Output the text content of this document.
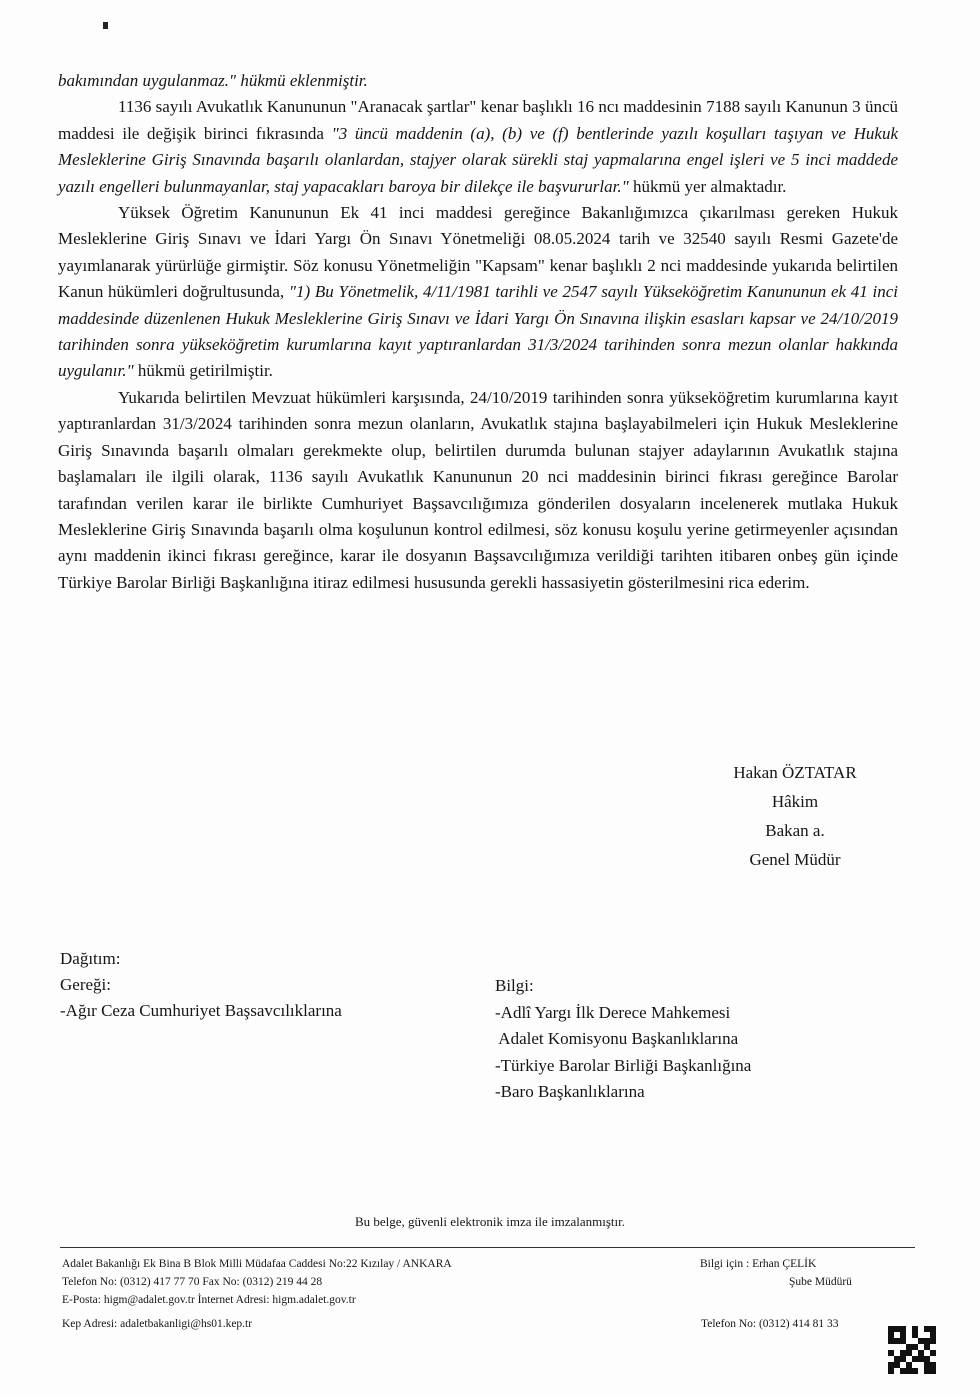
bakımından uygulanmaz." hükmü eklenmiştir.

1136 sayılı Avukatlık Kanununun "Aranacak şartlar" kenar başlıklı 16 ncı maddesinin 7188 sayılı Kanunun 3 üncü maddesi ile değişik birinci fıkrasında "3 üncü maddenin (a), (b) ve (f) bentlerinde yazılı koşulları taşıyan ve Hukuk Mesleklerine Giriş Sınavında başarılı olanlardan, stajyer olarak sürekli staj yapmalarına engel işleri ve 5 inci maddede yazılı engelleri bulunmayanlar, staj yapacakları baroya bir dilekçe ile başvururlar." hükmü yer almaktadır.

Yüksek Öğretim Kanununun Ek 41 inci maddesi gereğince Bakanlığımızca çıkarılması gereken Hukuk Mesleklerine Giriş Sınavı ve İdari Yargı Ön Sınavı Yönetmeliği 08.05.2024 tarih ve 32540 sayılı Resmi Gazete'de yayımlanarak yürürlüğe girmiştir. Söz konusu Yönetmeliğin "Kapsam" kenar başlıklı 2 nci maddesinde yukarıda belirtilen Kanun hükümleri doğrultusunda, "1) Bu Yönetmelik, 4/11/1981 tarihli ve 2547 sayılı Yükseköğretim Kanununun ek 41 inci maddesinde düzenlenen Hukuk Mesleklerine Giriş Sınavı ve İdari Yargı Ön Sınavına ilişkin esasları kapsar ve 24/10/2019 tarihinden sonra yükseköğretim kurumlarına kayıt yaptıranlardan 31/3/2024 tarihinden sonra mezun olanlar hakkında uygulanır." hükmü getirilmiştir.

Yukarıda belirtilen Mevzuat hükümleri karşısında, 24/10/2019 tarihinden sonra yükseköğretim kurumlarına kayıt yaptıranlardan 31/3/2024 tarihinden sonra mezun olanların, Avukatlık stajına başlayabilmeleri için Hukuk Mesleklerine Giriş Sınavında başarılı olmaları gerekmekte olup, belirtilen durumda bulunan stajyer adaylarının Avukatlık stajına başlamaları ile ilgili olarak, 1136 sayılı Avukatlık Kanununun 20 nci maddesinin birinci fıkrası gereğince Barolar tarafından verilen karar ile birlikte Cumhuriyet Başsavcılığımıza gönderilen dosyaların incelenerek mutlaka Hukuk Mesleklerine Giriş Sınavında başarılı olma koşulunun kontrol edilmesi, söz konusu koşulu yerine getirmeyenler açısından aynı maddenin ikinci fıkrası gereğince, karar ile dosyanın Başsavcılığımıza verildiği tarihten itibaren onbeş gün içinde Türkiye Barolar Birliği Başkanlığına itiraz edilmesi hususunda gerekli hassasiyetin gösterilmesini rica ederim.

Hakan ÖZTATAR
Hâkim
Bakan a.
Genel Müdür
Dağıtım:
Gereği:
-Ağır Ceza Cumhuriyet Başsavcılıklarına
Bilgi:
-Adlî Yargı İlk Derece Mahkemesi
Adalet Komisyonu Başkanlıklarına
-Türkiye Barolar Birliği Başkanlığına
-Baro Başkanlıklarına
Bu belge, güvenli elektronik imza ile imzalanmıştır.
Adalet Bakanlığı Ek Bina B Blok Milli Müdafaa Caddesi No:22 Kızılay / ANKARA
Telefon No: (0312) 417 77 70 Fax No: (0312) 219 44 28
E-Posta: higm@adalet.gov.tr İnternet Adresi: higm.adalet.gov.tr
Bilgi için : Erhan ÇELİK
Şube Müdürü
Kep Adresi: adaletbakanligi@hs01.kep.tr	Telefon No: (0312) 414 81 33
